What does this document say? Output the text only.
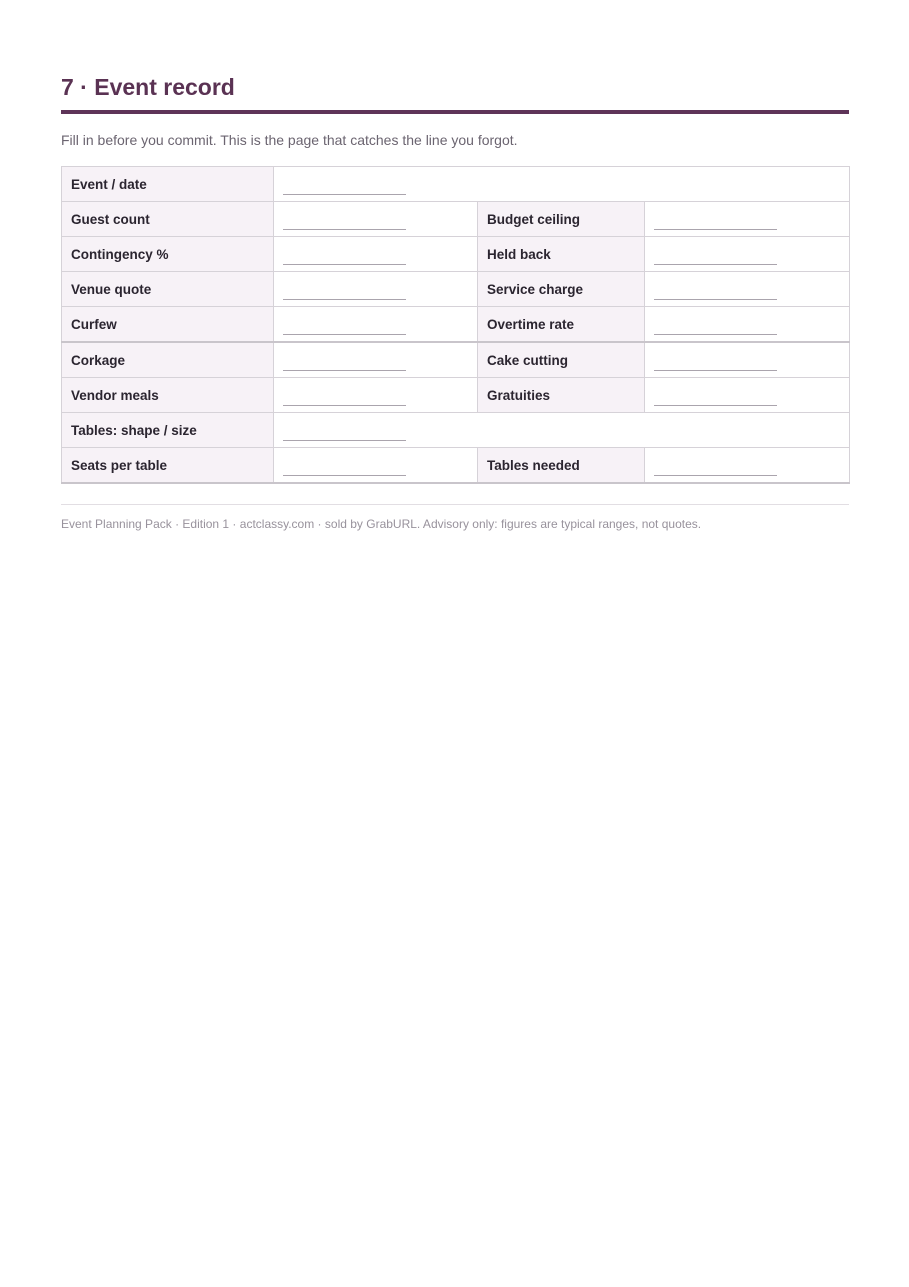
7 · Event record

Fill in before you commit. This is the page that catches the line you forgot.

Event / date	

Guest count		Budget ceiling	

Contingency %		Held back	

Venue quote		Service charge	

Curfew		Overtime rate	

Corkage		Cake cutting	

Vendor meals		Gratuities	

Tables: shape / size	

Seats per table		Tables needed	
Event Planning Pack · Edition 1 · actclassy.com · sold by GrabURL. Advisory only: figures are typical ranges, not quotes.
